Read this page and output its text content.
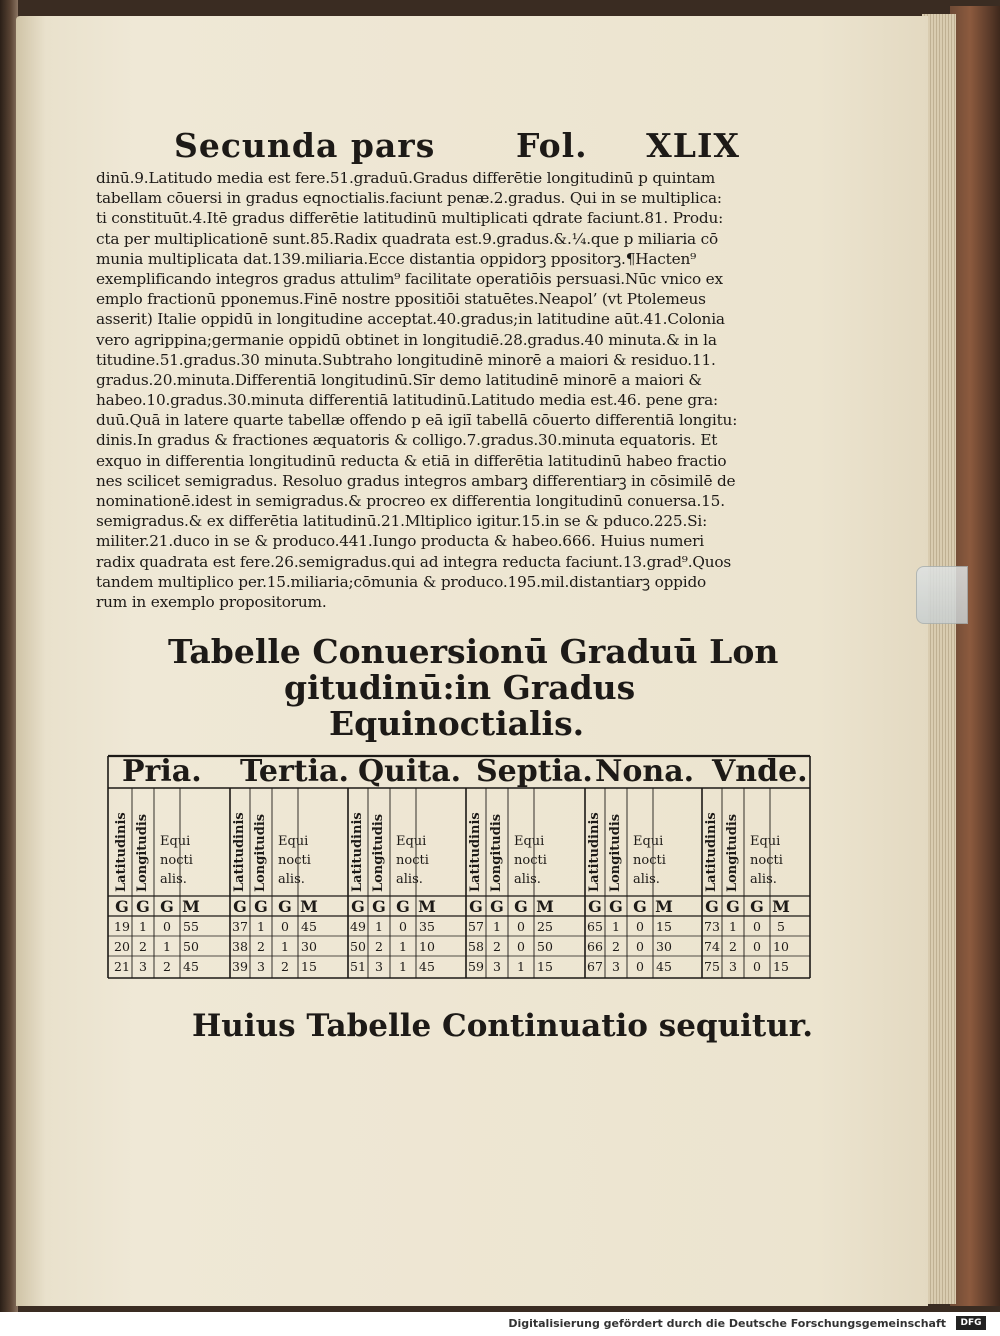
Secunda pars Fol. XLIX
dinū.9.Latitudo media est fere.51.graduū.Gradus differētie longitudinū p quintam
tabellam cōuersi in gradus eqnoctialis.faciunt penæ.2.gradus. Qui in se multiplica:
ti constituūt.4.Itē gradus differētie latitudinū multiplicati qdrate faciunt.81. Produ:
cta per multiplicationē sunt.85.Radix quadrata est.9.gradus.&.¼.que p miliaria cō
munia multiplicata dat.139.miliaria.Ecce distantia oppidorꝫ ppositorꝫ.¶Hacten⁹
exemplificando integros gradus attulim⁹ facilitate operatiōis persuasi.Nūc vnico ex
emplo fractionū pponemus.Finē nostre ppositiōi statuētes.Neapol’ (vt Ptolemeus
asserit) Italie oppidū in longitudine acceptat.40.gradus;in latitudine aūt.41.Colonia
vero agrippina;germanie oppidū obtinet in longitudiē.28.gradus.40 minuta.& in la
titudine.51.gradus.30 minuta.Subtraho longitudinē minorē a maiori & residuo.11.
gradus.20.minuta.Differentiā longitudinū.Sīr demo latitudinē minorē a maiori &
habeo.10.gradus.30.minuta differentiā latitudinū.Latitudo media est.46. pene gra:
duū.Quā in latere quarte tabellæ offendo p eā igiī tabellā cōuerto differentiā longitu:
dinis.In gradus & fractiones æquatoris & colligo.7.gradus.30.minuta equatoris. Et
exquo in differentia longitudinū reducta & etiā in differētia latitudinū habeo fractio
nes scilicet semigradus. Resoluo gradus integros ambarꝫ differentiarꝫ in cōsimilē de
nominationē.idest in semigradus.& procreo ex differentia longitudinū conuersa.15.
semigradus.& ex differētia latitudinū.21.Mltiplico igitur.15.in se & pduco.225.Si:
militer.21.duco in se & produco.441.Iungo producta & habeo.666. Huius numeri
radix quadrata est fere.26.semigradus.qui ad integra reducta faciunt.13.grad⁹.Quos
tandem multiplico per.15.miliaria;cōmunia & produco.195.mil.distantiarꝫ oppido
rum in exemplo propositorum.
Tabelle Conuersionū Graduū Lon
gitudinū:in Gradus
Equinoctialis.
Pria.
Latitudinis Longitudis Equi
nocti
alis.
G G G M
19 1	0 55
20 2	1 50
21 3	2 45
Tertia.
Latitudinis Longitudis Equi
nocti
alis.
G G G M
37 1	0 45
38 2	1 30
39 3	2 15
Quita.
Latitudinis Longitudis Equi
nocti
alis.
G G G M
49 1	0 35
50 2	1 10
51 3	1 45
Septia.
Latitudinis Longitudis Equi
nocti
alis.
G G G M
57 1	0 25
58 2	0 50
59 3	1 15
Nona.
Latitudinis Longitudis Equi
nocti
alis.
G G G M
65 1	0 15
66 2	0 30
67 3	0 45
Vnde.
Latitudinis Longitudis Equi
nocti
alis.
G G G M
73 1	0	5
74 2	0 10
75 3	0 15
Huius Tabelle Continuatio sequitur.
Digitalisierung gefördert durch die Deutsche Forschungsgemeinschaft	DFG
